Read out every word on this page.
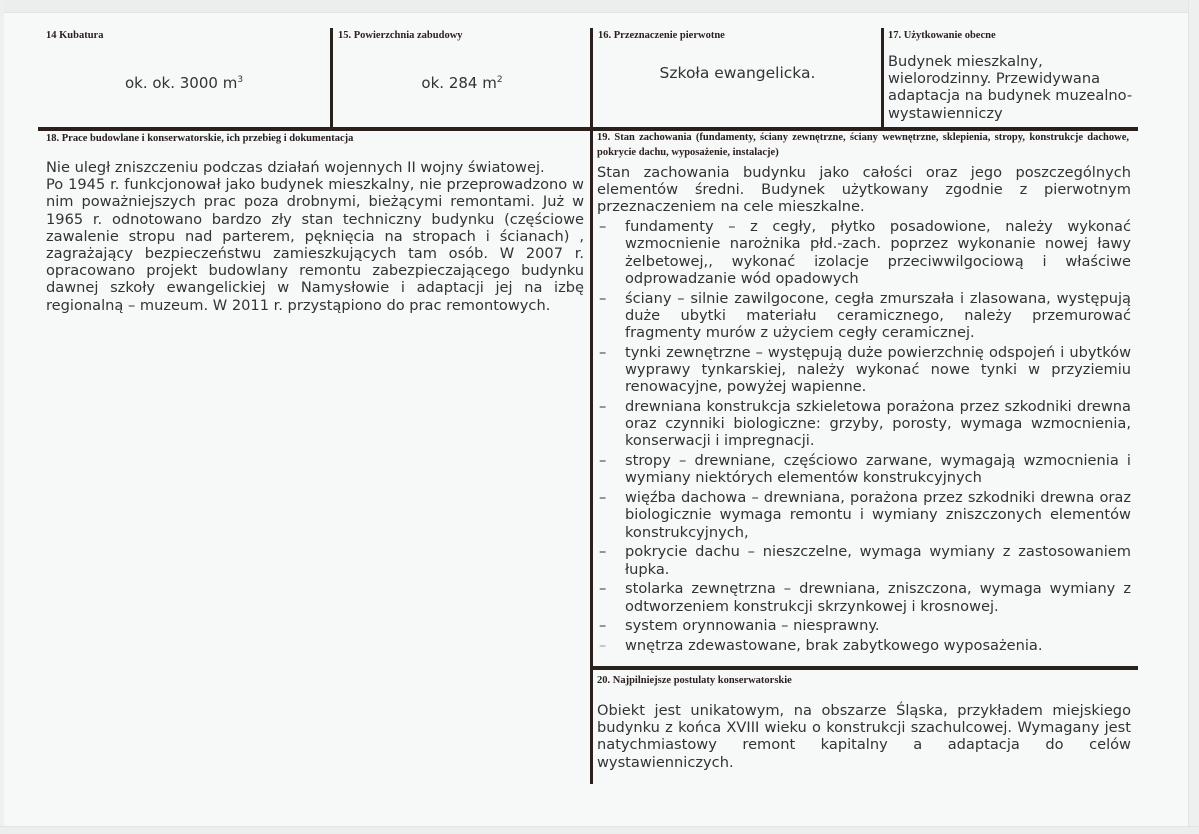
14 Kubatura
ok. ok. 3000 $m^3$
15. Powierzchnia zabudowy
ok. 284 $m^2$
16. Przeznaczenie pierwotne
Szkoła ewangelicka.
17. Użytkowanie obecne
Budynek mieszkalny,
wielorodzinny. Przewidywana
adaptacja na budynek muzealno-
wystawienniczy
18. Prace budowlane i konserwatorskie, ich przebieg i dokumentacja

Nie uległ zniszczeniu podczas działań wojennych II wojny światowej.

Po 1945 r. funkcjonował jako budynek mieszkalny, nie przeprowadzono w nim poważniejszych prac poza drobnymi, bieżącymi remontami. Już w 1965 r. odnotowano bardzo zły stan techniczny budynku (częściowe zawalenie stropu nad parterem, pęknięcia na stropach i ścianach) , zagrażający bezpieczeństwu zamieszkujących tam osób. W 2007 r. opracowano projekt budowlany remontu zabezpieczającego budynku dawnej szkoły ewangelickiej w Namysłowie i adaptacji jej na izbę regionalną – muzeum. W 2011 r. przystąpiono do prac remontowych.

19. Stan zachowania (fundamenty, ściany zewnętrzne, ściany wewnętrzne, sklepienia, stropy, konstrukcje dachowe, pokrycie dachu, wyposażenie, instalacje)

Stan zachowania budynku jako całości oraz jego poszczególnych elementów średni. Budynek użytkowany zgodnie z pierwotnym przeznaczeniem na cele mieszkalne.

– fundamenty – z cegły, płytko posadowione, należy wykonać wzmocnienie narożnika płd.-zach. poprzez wykonanie nowej ławy żelbetowej,, wykonać izolacje przeciwwilgociową i właściwe odprowadzanie wód opadowych
– ściany – silnie zawilgocone, cegła zmurszała i zlasowana, występują duże ubytki materiału ceramicznego, należy przemurować fragmenty murów z użyciem cegły ceramicznej.
– tynki zewnętrzne – występują duże powierzchnię odspojeń i ubytków wyprawy tynkarskiej, należy wykonać nowe tynki w przyziemiu renowacyjne, powyżej wapienne.
– drewniana konstrukcja szkieletowa porażona przez szkodniki drewna oraz czynniki biologiczne: grzyby, porosty, wymaga wzmocnienia, konserwacji i impregnacji.
– stropy – drewniane, częściowo zarwane, wymagają wzmocnienia i wymiany niektórych elementów konstrukcyjnych
– więźba dachowa – drewniana, porażona przez szkodniki drewna oraz biologicznie wymaga remontu i wymiany zniszczonych elementów konstrukcyjnych,
– pokrycie dachu – nieszczelne, wymaga wymiany z zastosowaniem łupka.
– stolarka zewnętrzna – drewniana, zniszczona, wymaga wymiany z odtworzeniem konstrukcji skrzynkowej i krosnowej.
– system orynnowania – niesprawny.
– wnętrza zdewastowane, brak zabytkowego wyposażenia.
20. Najpilniejsze postulaty konserwatorskie
Obiekt jest unikatowym, na obszarze Śląska, przykładem miejskiego budynku z końca XVIII wieku o konstrukcji szachulcowej. Wymagany jest natychmiastowy remont kapitalny a adaptacja do celów wystawienniczych.
